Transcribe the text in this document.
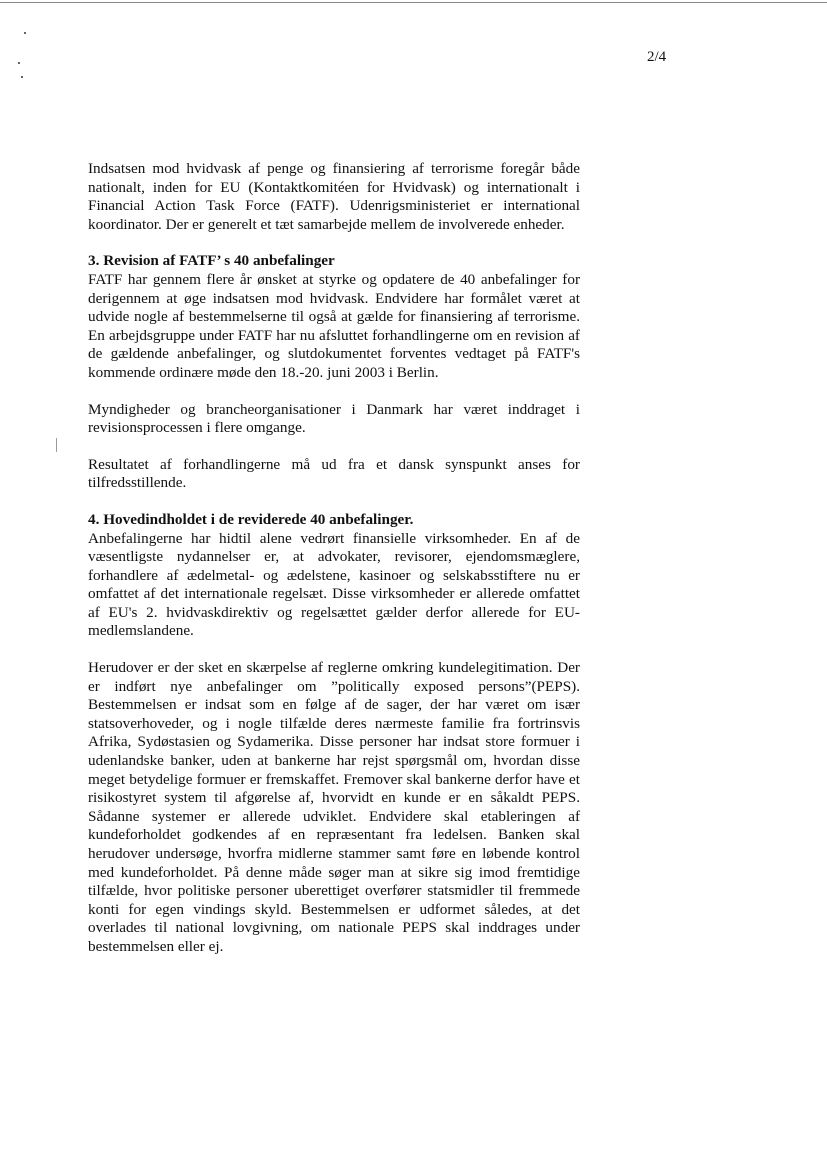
2/4

Indsatsen mod hvidvask af penge og finansiering af terrorisme foregår både nationalt, inden for EU (Kontaktkomitéen for Hvidvask) og internationalt i Financial Action Task Force (FATF). Udenrigsministeriet er international koordinator. Der er generelt et tæt samarbejde mellem de involverede enheder.

3. Revision af FATF’ s 40 anbefalinger

FATF har gennem flere år ønsket at styrke og opdatere de 40 anbefalinger for derigennem at øge indsatsen mod hvidvask. Endvidere har formålet været at udvide nogle af bestemmelserne til også at gælde for finansiering af terrorisme. En arbejdsgruppe under FATF har nu afsluttet forhandlingerne om en revision af de gældende anbefalinger, og slutdokumentet forventes vedtaget på FATF's kommende ordinære møde den 18.-20. juni 2003 i Berlin.

Myndigheder og brancheorganisationer i Danmark har været inddraget i revisionsprocessen i flere omgange.

Resultatet af forhandlingerne må ud fra et dansk synspunkt anses for tilfredsstillende.

4. Hovedindholdet i de reviderede 40 anbefalinger.

Anbefalingerne har hidtil alene vedrørt finansielle virksomheder. En af de væsentligste nydannelser er, at advokater, revisorer, ejendomsmæglere, forhandlere af ædelmetal- og ædelstene, kasinoer og selskabsstiftere nu er omfattet af det internationale regelsæt. Disse virksomheder er allerede omfattet af EU's 2. hvidvaskdirektiv og regelsættet gælder derfor allerede for EU-medlemslandene.

Herudover er der sket en skærpelse af reglerne omkring kundelegitimation. Der er indført nye anbefalinger om ”politically exposed persons”(PEPS). Bestemmelsen er indsat som en følge af de sager, der har været om især statsoverhoveder, og i nogle tilfælde deres nærmeste familie fra fortrinsvis Afrika, Sydøstasien og Sydamerika. Disse personer har indsat store formuer i udenlandske banker, uden at bankerne har rejst spørgsmål om, hvordan disse meget betydelige formuer er fremskaffet. Fremover skal bankerne derfor have et risikostyret system til afgørelse af, hvorvidt en kunde er en såkaldt PEPS. Sådanne systemer er allerede udviklet. Endvidere skal etableringen af kundeforholdet godkendes af en repræsentant fra ledelsen. Banken skal herudover undersøge, hvorfra midlerne stammer samt føre en løbende kontrol med kundeforholdet. På denne måde søger man at sikre sig imod fremtidige tilfælde, hvor politiske personer uberettiget overfører statsmidler til fremmede konti for egen vindings skyld. Bestemmelsen er udformet således, at det overlades til national lovgivning, om nationale PEPS skal inddrages under bestemmelsen eller ej.
